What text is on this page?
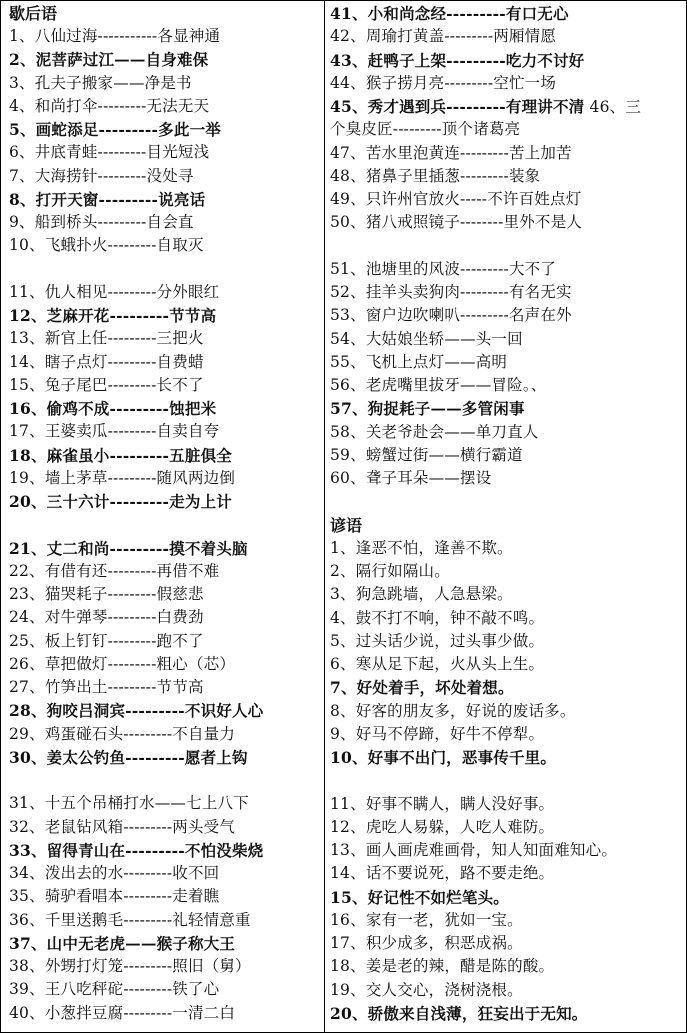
歇后语
1、八仙过海-----------各显神通
2、泥菩萨过江——自身难保
3、孔夫子搬家——净是书
4、和尚打伞---------无法无天
5、画蛇添足---------多此一举
6、井底青蛙---------目光短浅
7、大海捞针---------没处寻
8、打开天窗---------说亮话
9、船到桥头---------自会直
10、飞蛾扑火---------自取灭
11、仇人相见---------分外眼红
12、芝麻开花---------节节高
13、新官上任---------三把火
14、瞎子点灯---------自费蜡
15、兔子尾巴---------长不了
16、偷鸡不成---------蚀把米
17、王婆卖瓜---------自卖自夸
18、麻雀虽小---------五脏俱全
19、墙上茅草---------随风两边倒
20、三十六计---------走为上计
21、丈二和尚---------摸不着头脑
22、有借有还---------再借不难
23、猫哭耗子---------假慈悲
24、对牛弹琴---------白费劲
25、板上钉钉---------跑不了
26、草把做灯---------粗心（芯）
27、竹笋出土---------节节高
28、狗咬吕洞宾---------不识好人心
29、鸡蛋碰石头---------不自量力
30、姜太公钓鱼---------愿者上钩
31、十五个吊桶打水——七上八下
32、老鼠钻风箱---------两头受气
33、留得青山在---------不怕没柴烧
34、泼出去的水---------收不回
35、骑驴看唱本---------走着瞧
36、千里送鹅毛---------礼轻情意重
37、山中无老虎——猴子称大王
38、外甥打灯笼---------照旧（舅）
39、王八吃秤砣---------铁了心
40、小葱拌豆腐---------一清二白
谚语
41、小和尚念经---------有口无心
42、周瑜打黄盖---------两厢情愿
43、赶鸭子上架---------吃力不讨好
44、猴子捞月亮---------空忙一场
45、秀才遇到兵---------有理讲不清 46、三
个臭皮匠---------顶个诸葛亮
47、苦水里泡黄连---------苦上加苦
48、猪鼻子里插葱---------装象
49、只许州官放火-----不许百姓点灯
50、猪八戒照镜子--------里外不是人
51、池塘里的风波---------大不了
52、挂羊头卖狗肉---------有名无实
53、窗户边吹喇叭---------名声在外
54、大姑娘坐轿——头一回
55、飞机上点灯——高明
56、老虎嘴里拔牙——冒险。、
57、狗捉耗子——多管闲事
58、关老爷赴会——单刀直人
59、螃蟹过街——横行霸道
60、聋子耳朵——摆设
1、逢恶不怕，逢善不欺。
2、隔行如隔山。
3、狗急跳墙，人急悬梁。
4、鼓不打不响，钟不敲不鸣。
5、过头话少说，过头事少做。
6、寒从足下起，火从头上生。
7、好处着手，坏处着想。
8、好客的朋友多，好说的废话多。
9、好马不停蹄，好牛不停犁。
10、好事不出门，恶事传千里。
11、好事不瞒人，瞒人没好事。
12、虎吃人易躲，人吃人难防。
13、画人画虎难画骨，知人知面难知心。
14、话不要说死，路不要走绝。
15、好记性不如烂笔头。
16、家有一老，犹如一宝。
17、积少成多，积恶成祸。
18、姜是老的辣，醋是陈的酸。
19、交人交心，浇树浇根。
20、骄傲来自浅薄，狂妄出于无知。
